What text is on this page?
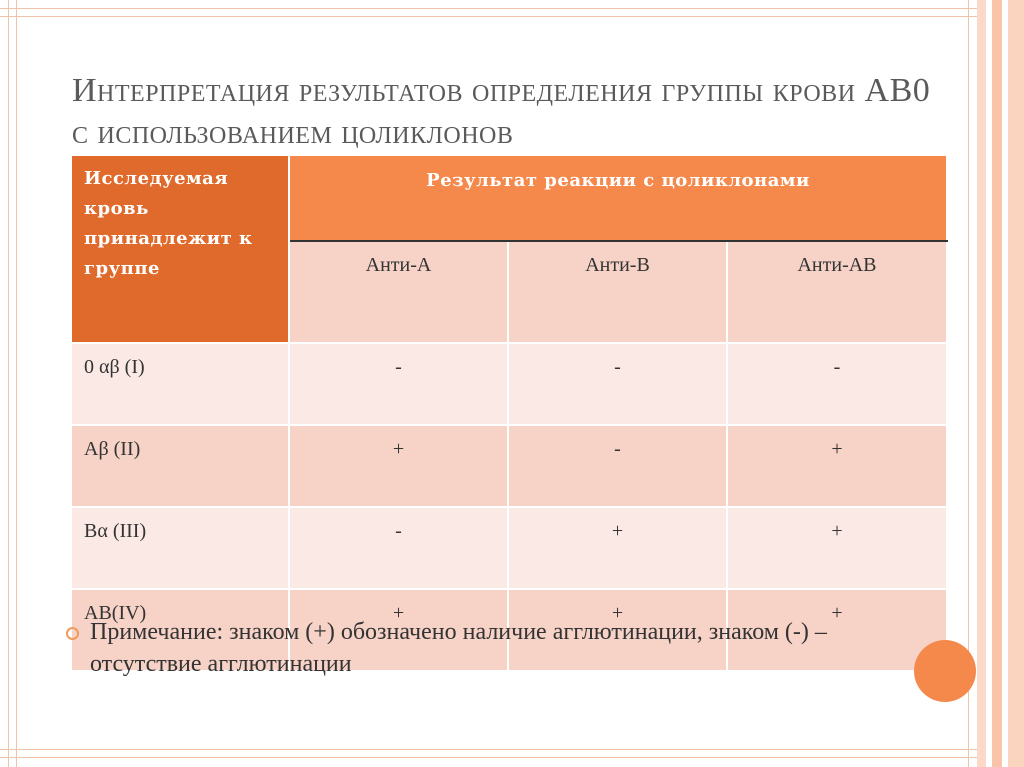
Интерпретация результатов определения группы крови АВ0 с использованием цоликлонов
Исследуемая кровь принадлежит к группе	Результат реакции с цоликлонами		
	Анти-А	Анти-В	Анти-АВ
0 αβ (I)	-	-	-
Аβ (II)	+	-	+
Вα (III)	-	+	+
АВ(IV)	+	+	+
Примечание: знаком (+) обозначено наличие агглютинации, знаком (-) – отсутствие агглютинации
